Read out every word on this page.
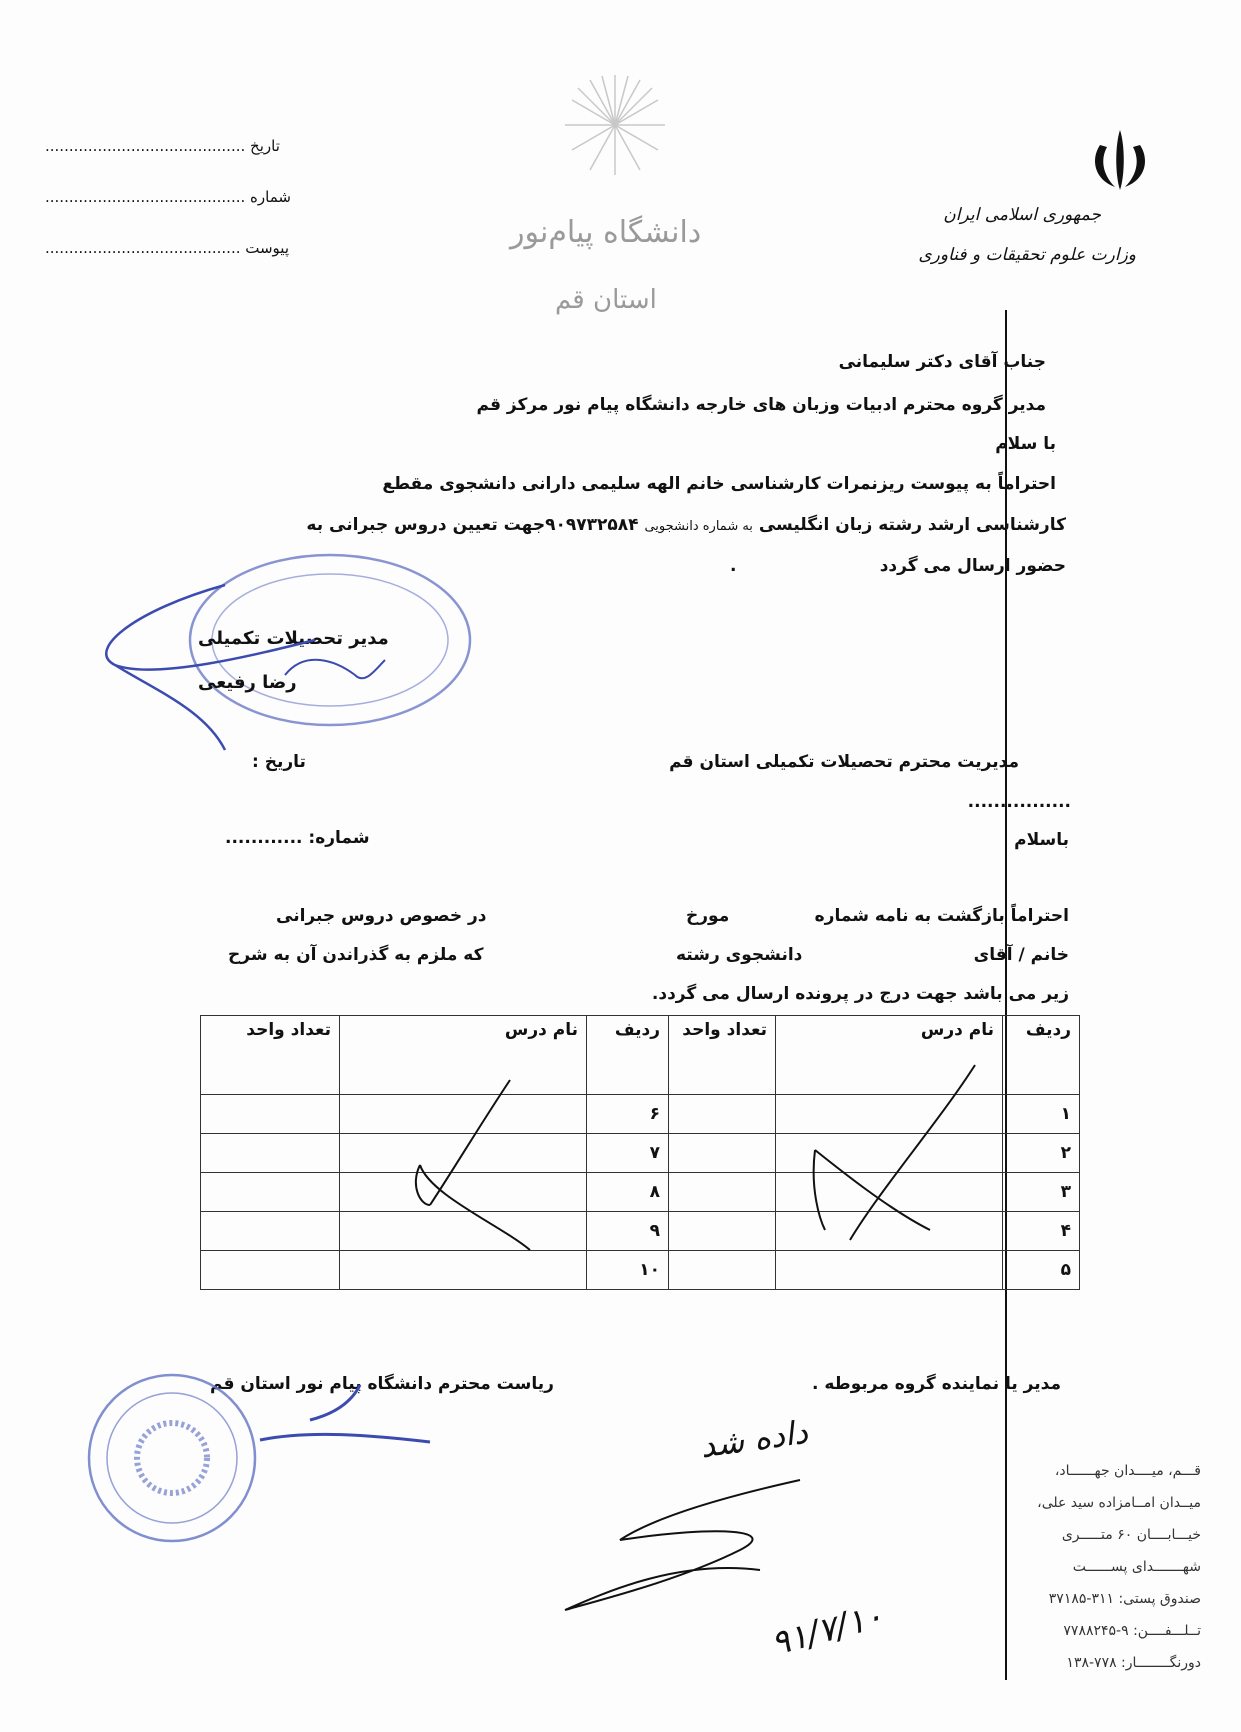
جمهوری اسلامی ایران
وزارت علوم تحقیقات و فناوری
دانشگاه پیام‌نور
استان قم
تاریخ ..........................................
شماره ..........................................
پیوست .........................................
جناب آقای دکتر سلیمانی
مدیر گروه محترم ادبیات وزبان های خارجه دانشگاه پیام نور مرکز قم
با سلام
احتراماً به پیوست ریزنمرات کارشناسی خانم الهه سلیمی دارانی دانشجوی مقطع
کارشناسی ارشد رشته زبان انگلیسی به شماره دانشجویی ۹۰۹۷۳۲۵۸۴جهت تعیین دروس جبرانی به
حضور ارسال می گردد
.
مدیر تحصیلات تکمیلی
رضا رفیعی
تاریخ :	مدیریت محترم تحصیلات تکمیلی استان قم
................
شماره: ............	باسلام
احتراماً بازگشت به نامه شماره
مورخ
در خصوص دروس جبرانی
خانم / آقای
دانشجوی رشته
که ملزم به گذراندن آن به شرح
زیر می باشد جهت درج در پرونده ارسال می گردد.
ردیف	نام درس	تعداد واحد	ردیف	نام درس	تعداد واحد
۱			۶		
۲			۷		
۳			۸		
۴			۹		
۵			۱۰		
مدیر یا نماینده گروه مربوطه .
ریاست محترم دانشگاه پیام نور استان قم
داده شد
۹۱/۷/۱۰
قـــم، میــــدان جهــــــاد،
میــدان امــامزاده سید علی،
خیـــابــــان ۶۰ متـــــری
شهـــــــدای پســــــت
صندوق پستی: ۳۱۱-۳۷۱۸۵
تــلـــفــــن: ۹-۷۷۸۸۲۴۵
دورنگــــــــار: ۷۷۸-۱۳۸
